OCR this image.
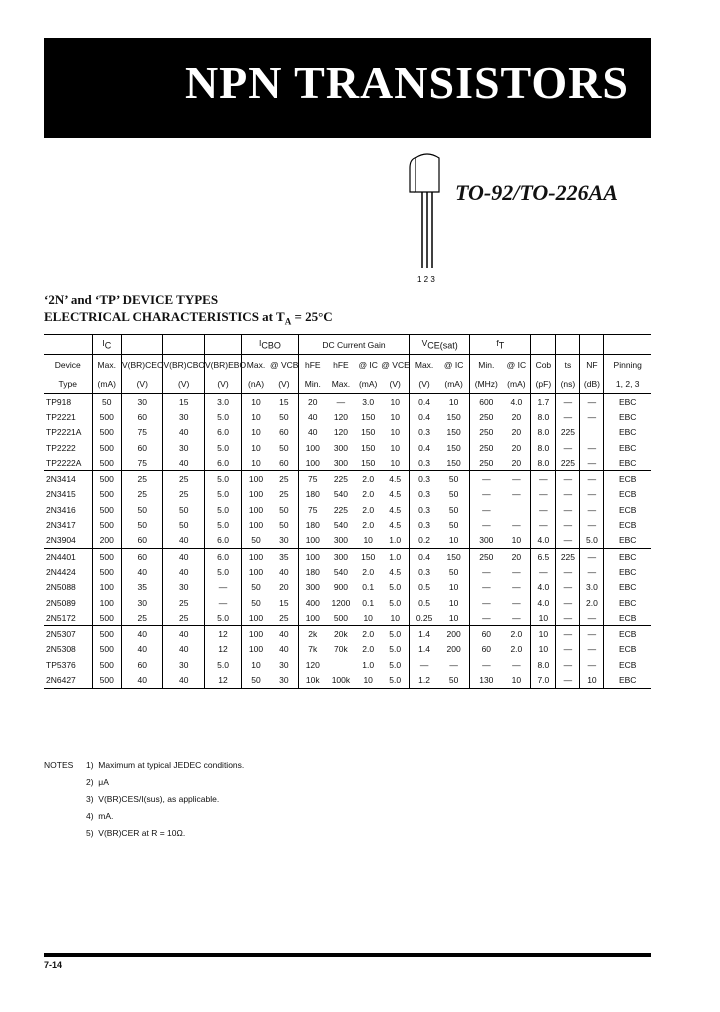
NPN TRANSISTORS
1 2 3
TO-92/TO-226AA
‘2N’ and ‘TP’ DEVICE TYPES
ELECTRICAL CHARACTERISTICS at $T_A = 25^\circ C$
	IC				ICBO		DC Current Gain				VCE(sat)		fT					
Device	Max.	V(BR)CEO	V(BR)CBO	V(BR)EBO	Max.	@ VCB	hFE	hFE	@ IC	@ VCE	Max.	@ IC	Min.	@ IC	Cob	ts	NF	Pinning
Type	(mA)	(V)	(V)	(V)	(nA)	(V)	Min.	Max.	(mA)	(V)	(V)	(mA)	(MHz)	(mA)	(pF)	(ns)	(dB)	1, 2, 3
TP918	50	30	15	3.0	10	15	20	—	3.0	10	0.4	10	600	4.0	1.7	—	—	EBC
TP2221	500	60	30	5.0	10	50	40	120	150	10	0.4	150	250	20	8.0	—	—	EBC
TP2221A	500	75	40	6.0	10	60	40	120	150	10	0.3	150	250	20	8.0	225		EBC
TP2222	500	60	30	5.0	10	50	100	300	150	10	0.4	150	250	20	8.0	—	—	EBC
TP2222A	500	75	40	6.0	10	60	100	300	150	10	0.3	150	250	20	8.0	225	—	EBC
2N3414	500	25	25	5.0	100	25	75	225	2.0	4.5	0.3	50	—	—	—	—	—	ECB
2N3415	500	25	25	5.0	100	25	180	540	2.0	4.5	0.3	50	—	—	—	—	—	ECB
2N3416	500	50	50	5.0	100	50	75	225	2.0	4.5	0.3	50	—		—	—	—	ECB
2N3417	500	50	50	5.0	100	50	180	540	2.0	4.5	0.3	50	—	—	—	—	—	ECB
2N3904	200	60	40	6.0	50	30	100	300	10	1.0	0.2	10	300	10	4.0	—	5.0	EBC
2N4401	500	60	40	6.0	100	35	100	300	150	1.0	0.4	150	250	20	6.5	225	—	EBC
2N4424	500	40	40	5.0	100	40	180	540	2.0	4.5	0.3	50	—	—	—	—	—	EBC
2N5088	100	35	30	—	50	20	300	900	0.1	5.0	0.5	10	—	—	4.0	—	3.0	EBC
2N5089	100	30	25	—	50	15	400	1200	0.1	5.0	0.5	10	—	—	4.0	—	2.0	EBC
2N5172	500	25	25	5.0	100	25	100	500	10	10	0.25	10	—	—	10	—	—	ECB
2N5307	500	40	40	12	100	40	2k	20k	2.0	5.0	1.4	200	60	2.0	10	—	—	ECB
2N5308	500	40	40	12	100	40	7k	70k	2.0	5.0	1.4	200	60	2.0	10	—	—	ECB
TP5376	500	60	30	5.0	10	30	120		1.0	5.0	—	—	—	—	8.0	—	—	ECB
2N6427	500	40	40	12	50	30	10k	100k	10	5.0	1.2	50	130	10	7.0	—	10	EBC
NOTES 1) Maximum at typical JEDEC conditions.
2) μA
3) V(BR)CES/I(sus), as applicable.
4) mA.
5) V(BR)CER at R = 10Ω.
7-14
